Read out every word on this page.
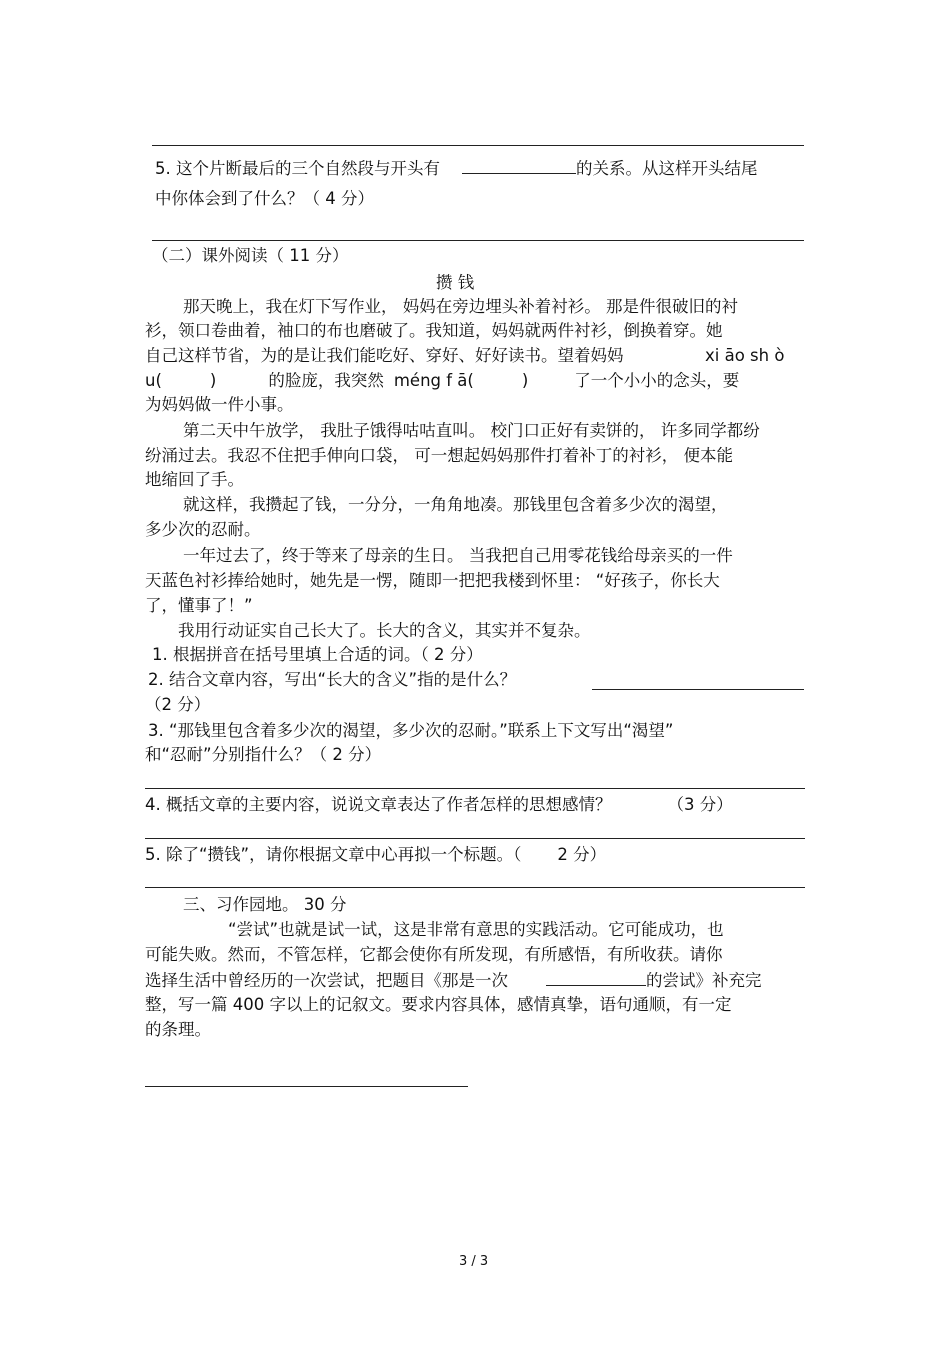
5. 这个片断最后的三个自然段与开头有	的关系。从这样开头结尾
中你体会到了什么？（ 4 分）
（二）课外阅读（ 11 分）
攒 钱
那天晚上，我在灯下写作业， 妈妈在旁边埋头补着衬衫。 那是件很破旧的衬
衫，领口卷曲着，袖口的布也磨破了。我知道，妈妈就两件衬衫，倒换着穿。她
自己这样节省，为的是让我们能吃好、穿好、好好读书。望着妈妈	xi āo sh ò
u(	)	的脸庞，我突然 méng f ā(	)	了一个小小的念头，要
为妈妈做一件小事。
第二天中午放学， 我肚子饿得咕咕直叫。 校门口正好有卖饼的， 许多同学都纷
纷涌过去。我忍不住把手伸向口袋， 可一想起妈妈那件打着补丁的衬衫， 便本能
地缩回了手。
就这样，我攒起了钱，一分分，一角角地凑。那钱里包含着多少次的渴望，
多少次的忍耐。
一年过去了，终于等来了母亲的生日。 当我把自己用零花钱给母亲买的一件
天蓝色衬衫捧给她时，她先是一愣，随即一把把我楼到怀里： “好孩子，你长大
了，懂事了！”
我用行动证实自己长大了。长大的含义，其实并不复杂。
1. 根据拼音在括号里填上合适的词。（ 2 分）
2. 结合文章内容，写出“长大的含义”指的是什么？
（2 分）
3. “那钱里包含着多少次的渴望，多少次的忍耐。”联系上下文写出“渴望”
和“忍耐”分别指什么？（ 2 分）
4. 概括文章的主要内容，说说文章表达了作者怎样的思想感情？	（3 分）
5. 除了“攒钱”，请你根据文章中心再拟一个标题。（ 2 分）
三、习作园地。 30 分
“尝试”也就是试一试，这是非常有意思的实践活动。它可能成功，也
可能失败。然而，不管怎样，它都会使你有所发现，有所感悟，有所收获。请你
选择生活中曾经历的一次尝试，把题目《那是一次	的尝试》补充完
整，写一篇 400 字以上的记叙文。要求内容具体，感情真挚，语句通顺，有一定
的条理。
3 / 3
